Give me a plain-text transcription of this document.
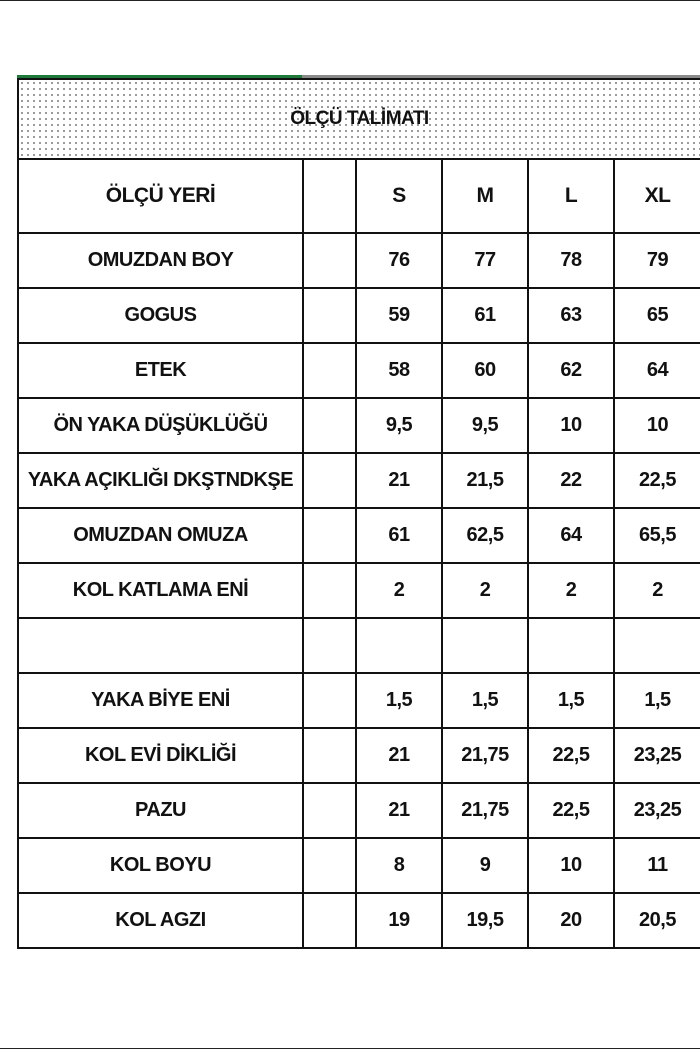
ÖLÇÜ TALİMATI					
ÖLÇÜ YERİ		S	M	L	XL
OMUZDAN BOY		76	77	78	79
GOGUS		59	61	63	65
ETEK		58	60	62	64
ÖN YAKA DÜŞÜKLÜĞÜ		9,5	9,5	10	10
YAKA AÇIKLIĞI DKŞTNDKŞE		21	21,5	22	22,5
OMUZDAN OMUZA		61	62,5	64	65,5
KOL KATLAMA ENİ		2	2	2	2

YAKA BİYE ENİ		1,5	1,5	1,5	1,5
KOL EVİ DİKLİĞİ		21	21,75	22,5	23,25
PAZU		21	21,75	22,5	23,25
KOL BOYU		8	9	10	11
KOL AGZI		19	19,5	20	20,5
